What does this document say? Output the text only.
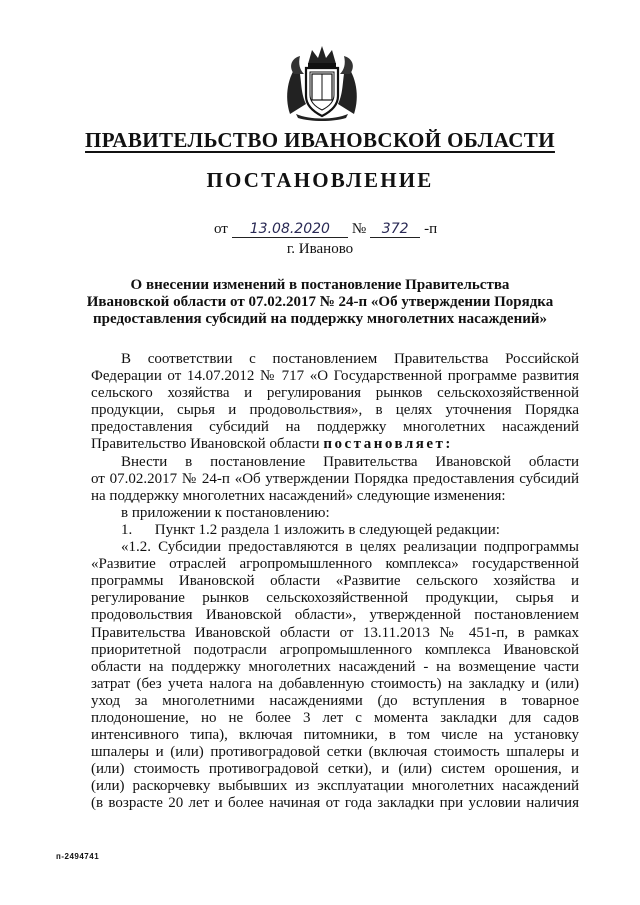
ПРАВИТЕЛЬСТВО ИВАНОВСКОЙ ОБЛАСТИ
ПОСТАНОВЛЕНИЕ
от	13.08.2020	№	372	-п
г. Иваново
О внесении изменений в постановление Правительства
Ивановской области от 07.02.2017 № 24-п «Об утверждении Порядка
предоставления субсидий на поддержку многолетних насаждений»
В соответствии с постановлением Правительства Российской
Федерации от 14.07.2012 № 717 «О Государственной программе развития
сельского хозяйства и регулирования рынков сельскохозяйственной
продукции, сырья и продовольствия», в целях уточнения Порядка
предоставления субсидий на поддержку многолетних насаждений
Правительство Ивановской области постановляет:
Внести в постановление Правительства Ивановской области
от 07.02.2017 № 24-п «Об утверждении Порядка предоставления субсидий
на поддержку многолетних насаждений» следующие изменения:
в приложении к постановлению:
1. Пункт 1.2 раздела 1 изложить в следующей редакции:
«1.2. Субсидии предоставляются в целях реализации подпрограммы
«Развитие отраслей агропромышленного комплекса» государственной
программы Ивановской области «Развитие сельского хозяйства и
регулирование рынков сельскохозяйственной продукции, сырья и
продовольствия Ивановской области», утвержденной постановлением
Правительства Ивановской области от 13.11.2013 № 451-п, в рамках
приоритетной подотрасли агропромышленного комплекса Ивановской
области на поддержку многолетних насаждений - на возмещение части
затрат (без учета налога на добавленную стоимость) на закладку и (или)
уход за многолетними насаждениями (до вступления в товарное
плодоношение, но не более 3 лет с момента закладки для садов
интенсивного типа), включая питомники, в том числе на установку
шпалеры и (или) противоградовой сетки (включая стоимость шпалеры и
(или) стоимость противоградовой сетки), и (или) систем орошения, и
(или) раскорчевку выбывших из эксплуатации многолетних насаждений
(в возрасте 20 лет и более начиная от года закладки при условии наличия
п-2494741
